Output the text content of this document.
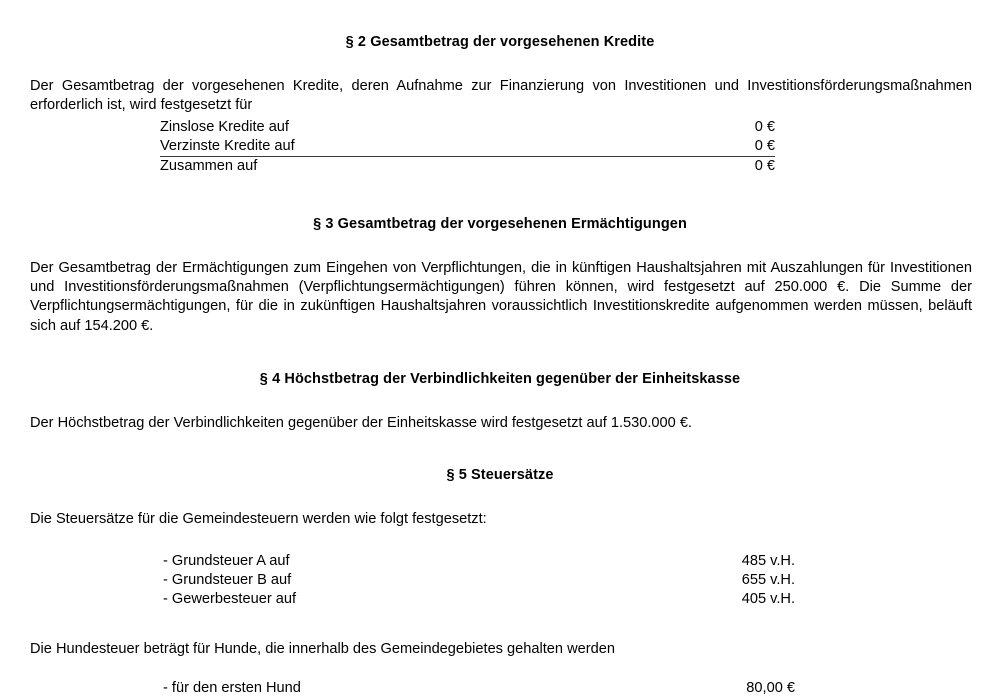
§ 2 Gesamtbetrag der vorgesehenen Kredite

Der Gesamtbetrag der vorgesehenen Kredite, deren Aufnahme zur Finanzierung von Investitionen und Investitionsförderungsmaßnahmen erforderlich ist, wird festgesetzt für

Zinslose Kredite auf	0 €
Verzinste Kredite auf	0 €
Zusammen auf	0 €
§ 3 Gesamtbetrag der vorgesehenen Ermächtigungen

Der Gesamtbetrag der Ermächtigungen zum Eingehen von Verpflichtungen, die in künftigen Haushaltsjahren mit Auszahlungen für Investitionen und Investitionsförderungsmaßnahmen (Verpflichtungsermächtigungen) führen können, wird festgesetzt auf 250.000 €. Die Summe der Verpflichtungsermächtigungen, für die in zukünftigen Haushaltsjahren voraussichtlich Investitionskredite aufgenommen werden müssen, beläuft sich auf 154.200 €.

§ 4 Höchstbetrag der Verbindlichkeiten gegenüber der Einheitskasse

Der Höchstbetrag der Verbindlichkeiten gegenüber der Einheitskasse wird festgesetzt auf 1.530.000 €.

§ 5 Steuersätze

Die Steuersätze für die Gemeindesteuern werden wie folgt festgesetzt:

- Grundsteuer A auf	485 v.H.
- Grundsteuer B auf	655 v.H.
- Gewerbesteuer auf	405 v.H.

Die Hundesteuer beträgt für Hunde, die innerhalb des Gemeindegebietes gehalten werden

- für den ersten Hund	80,00 €
